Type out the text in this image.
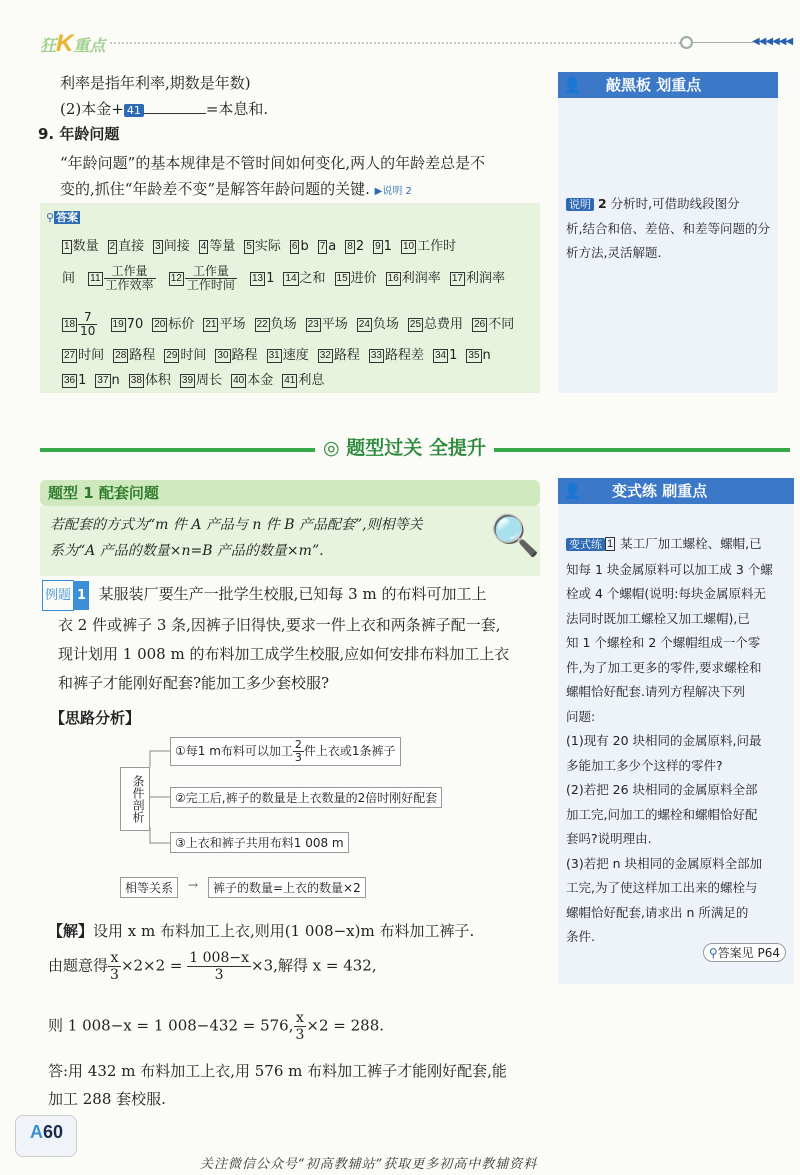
狂K重点	◀◀◀◀◀◀
利率是指年利率,期数是年数)
(2)本金+ 41	=本息和.
9. 年龄问题
“年龄问题”的基本规律是不管时间如何变化,两人的年龄差总是不
变的,抓住“年龄差不变”是解答年龄问题的关键. ▶说明 2
⚲ 答案
1 数量 2 直接 3 间接 4 等量 5 实际 6 b 7 a 8 2 9 1 10 工作时
间 $11 \frac{\text{工作量}}{\text{工作效率}} 12 \frac{\text{工作量}}{\text{工作时间}} 13$ 1 14 之和 15 进价 16 利润率 17 利润率
$18 \frac{7}{10} 19$ 70 20 标价 21 平场 22 负场 23 平场 24 负场 25 总费用 26 不同
27 时间 28 路程 29 时间 30 路程 31 速度 32 路程 33 路程差 34 1 35 n
36 1 37 n 38 体积 39 周长 40 本金 41 利息
👤 敲黑板 划重点
说明 2 分析时,可借助线段图分
析,结合和倍、差倍、和差等问题的分
析方法,灵活解题.
◎ 题型过关 全提升
题型 1 配套问题
若配套的方式为“m 件 A 产品与 n 件 B 产品配套”,则相等关
系为“A 产品的数量×n=B 产品的数量×m”.	🔍
例题 1 某服装厂要生产一批学生校服,已知每 3 m 的布料可加工上
衣 2 件或裤子 3 条,因裤子旧得快,要求一件上衣和两条裤子配一套,
现计划用 1 008 m 的布料加工成学生校服,应如何安排布料加工上衣
和裤子才能刚好配套?能加工多少套校服?
【思路分析】
条件剖析
①每1 m布料可以加工 $\frac{2}{3}$ 件上衣或1条裤子
②完工后,裤子的数量是上衣数量的2倍时刚好配套
③上衣和裤子共用布料1 008 m
相等关系	→	裤子的数量=上衣的数量×2
【解】设用 x m 布料加工上衣,则用(1 008−x)m 布料加工裤子.
由题意得 $\frac{x}{3} \times 2\times 2 = \frac{1 008-x}{3} \times 3$,解得 x = 432,
则 1 008−x = 1 008−432 = 576, $\frac{x}{3} \times 2 = 288$.
答:用 432 m 布料加工上衣,用 576 m 布料加工裤子才能刚好配套,能
加工 288 套校服.
👤 变式练 刷重点
变式练 1 某工厂加工螺栓、螺帽,已
知每 1 块金属原料可以加工成 3 个螺
栓或 4 个螺帽(说明:每块金属原料无
法同时既加工螺栓又加工螺帽),已
知 1 个螺栓和 2 个螺帽组成一个零
件,为了加工更多的零件,要求螺栓和
螺帽恰好配套.请列方程解决下列
问题:
(1)现有 20 块相同的金属原料,问最
多能加工多少个这样的零件?
(2)若把 26 块相同的金属原料全部
加工完,问加工的螺栓和螺帽恰好配
套吗?说明理由.
(3)若把 n 块相同的金属原料全部加
工完,为了使这样加工出来的螺栓与
螺帽恰好配套,请求出 n 所满足的
条件.
⚲答案见 P64
A60
关注微信公众号“初高教辅站”获取更多初高中教辅资料
